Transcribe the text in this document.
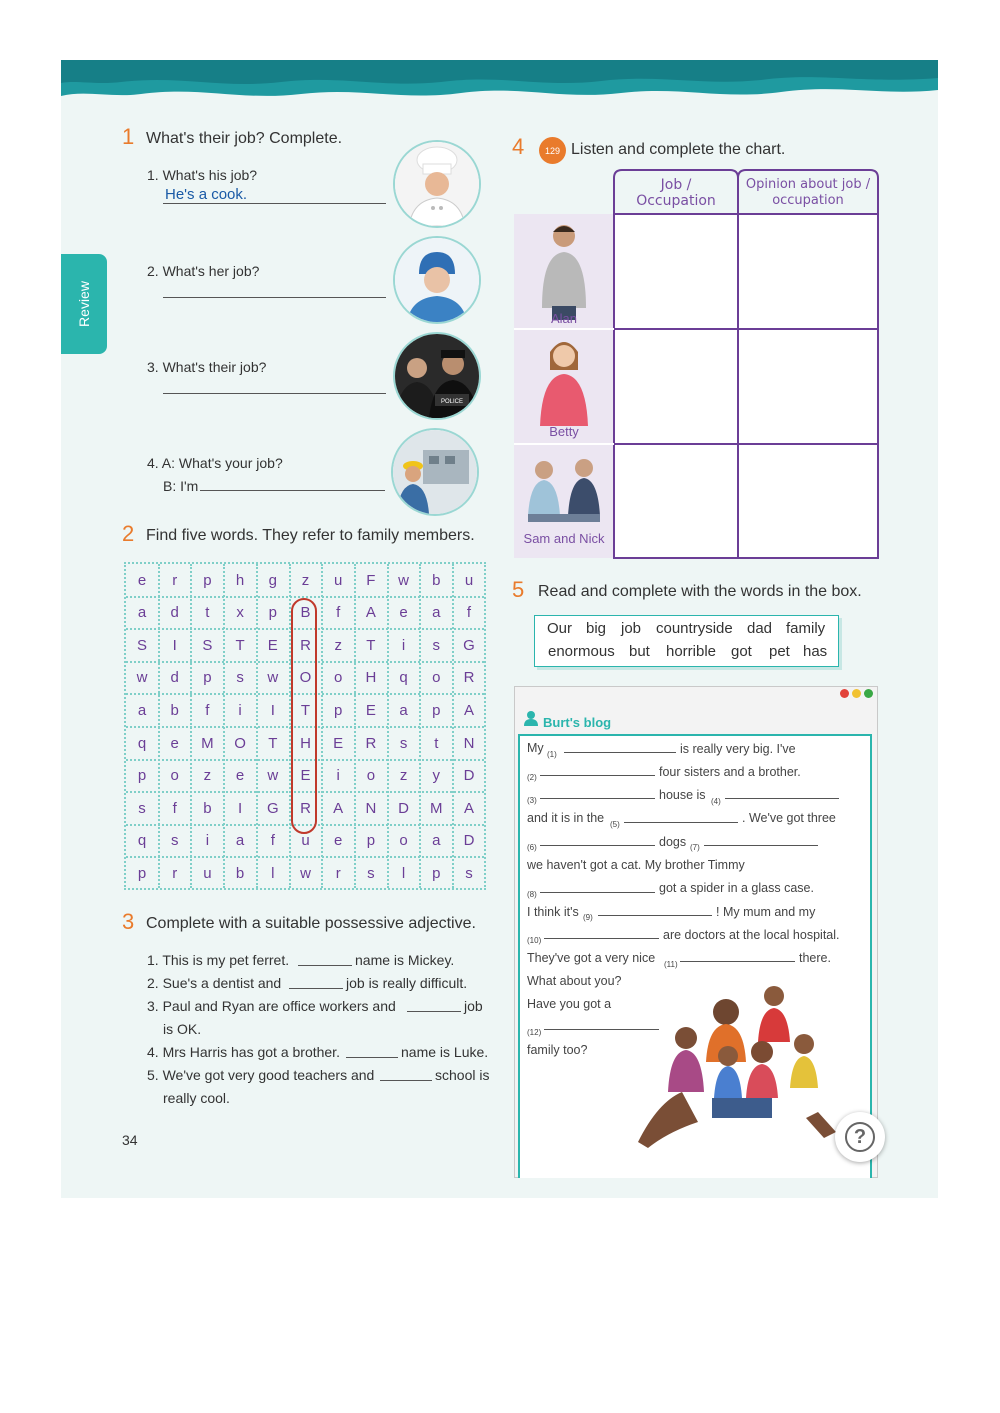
Review
1 What's their job? Complete.
1. What's his job?
He's a cook.
2. What's her job?
3. What's their job?
4. A: What's your job?
B: I'm
POLICE
2 Find five words. They refer to family members.
e	r	p	h	g	z	u	F	w	b	u
a	d	t	x	p	B	f	A	e	a	f
S	I	S	T	E	R	z	T	i	s	G
w	d	p	s	w	O	o	H	q	o	R
a	b	f	i	I	T	p	E	a	p	A
q	e	M	O	T	H	E	R	s	t	N
p	o	z	e	w	E	i	o	z	y	D
s	f	b	I	G	R	A	N	D	M	A
q	s	i	a	f	u	e	p	o	a	D
p	r	u	b	l	w	r	s	l	p	s
3 Complete with a suitable possessive adjective.
1. This is my pet ferret.	name is Mickey.
2. Sue's a dentist and	job is really difficult.
3. Paul and Ryan are office workers and	job
is OK.
4. Mrs Harris has got a brother.	name is Luke.
5. We've got very good teachers and	school is
really cool.
34
4 129 Listen and complete the chart.
Job /
Occupation
Opinion about job /
occupation
Alan
Betty
Sam and Nick
5 Read and complete with the words in the box.
Our big job countryside dad family
enormous but horrible got pet has
Burt's blog
My (1)	is really very big. I've
(2)	four sisters and a brother.
(3)	house is (4)
and it is in the (5)	. We've got three
(6)	dogs (7)
we haven't got a cat. My brother Timmy
(8)	got a spider in a glass case.
I think it's (9)	! My mum and my
(10)	are doctors at the local hospital.
They've got a very nice (11)	there.
What about you?
Have you got a
(12)
family too?
?
